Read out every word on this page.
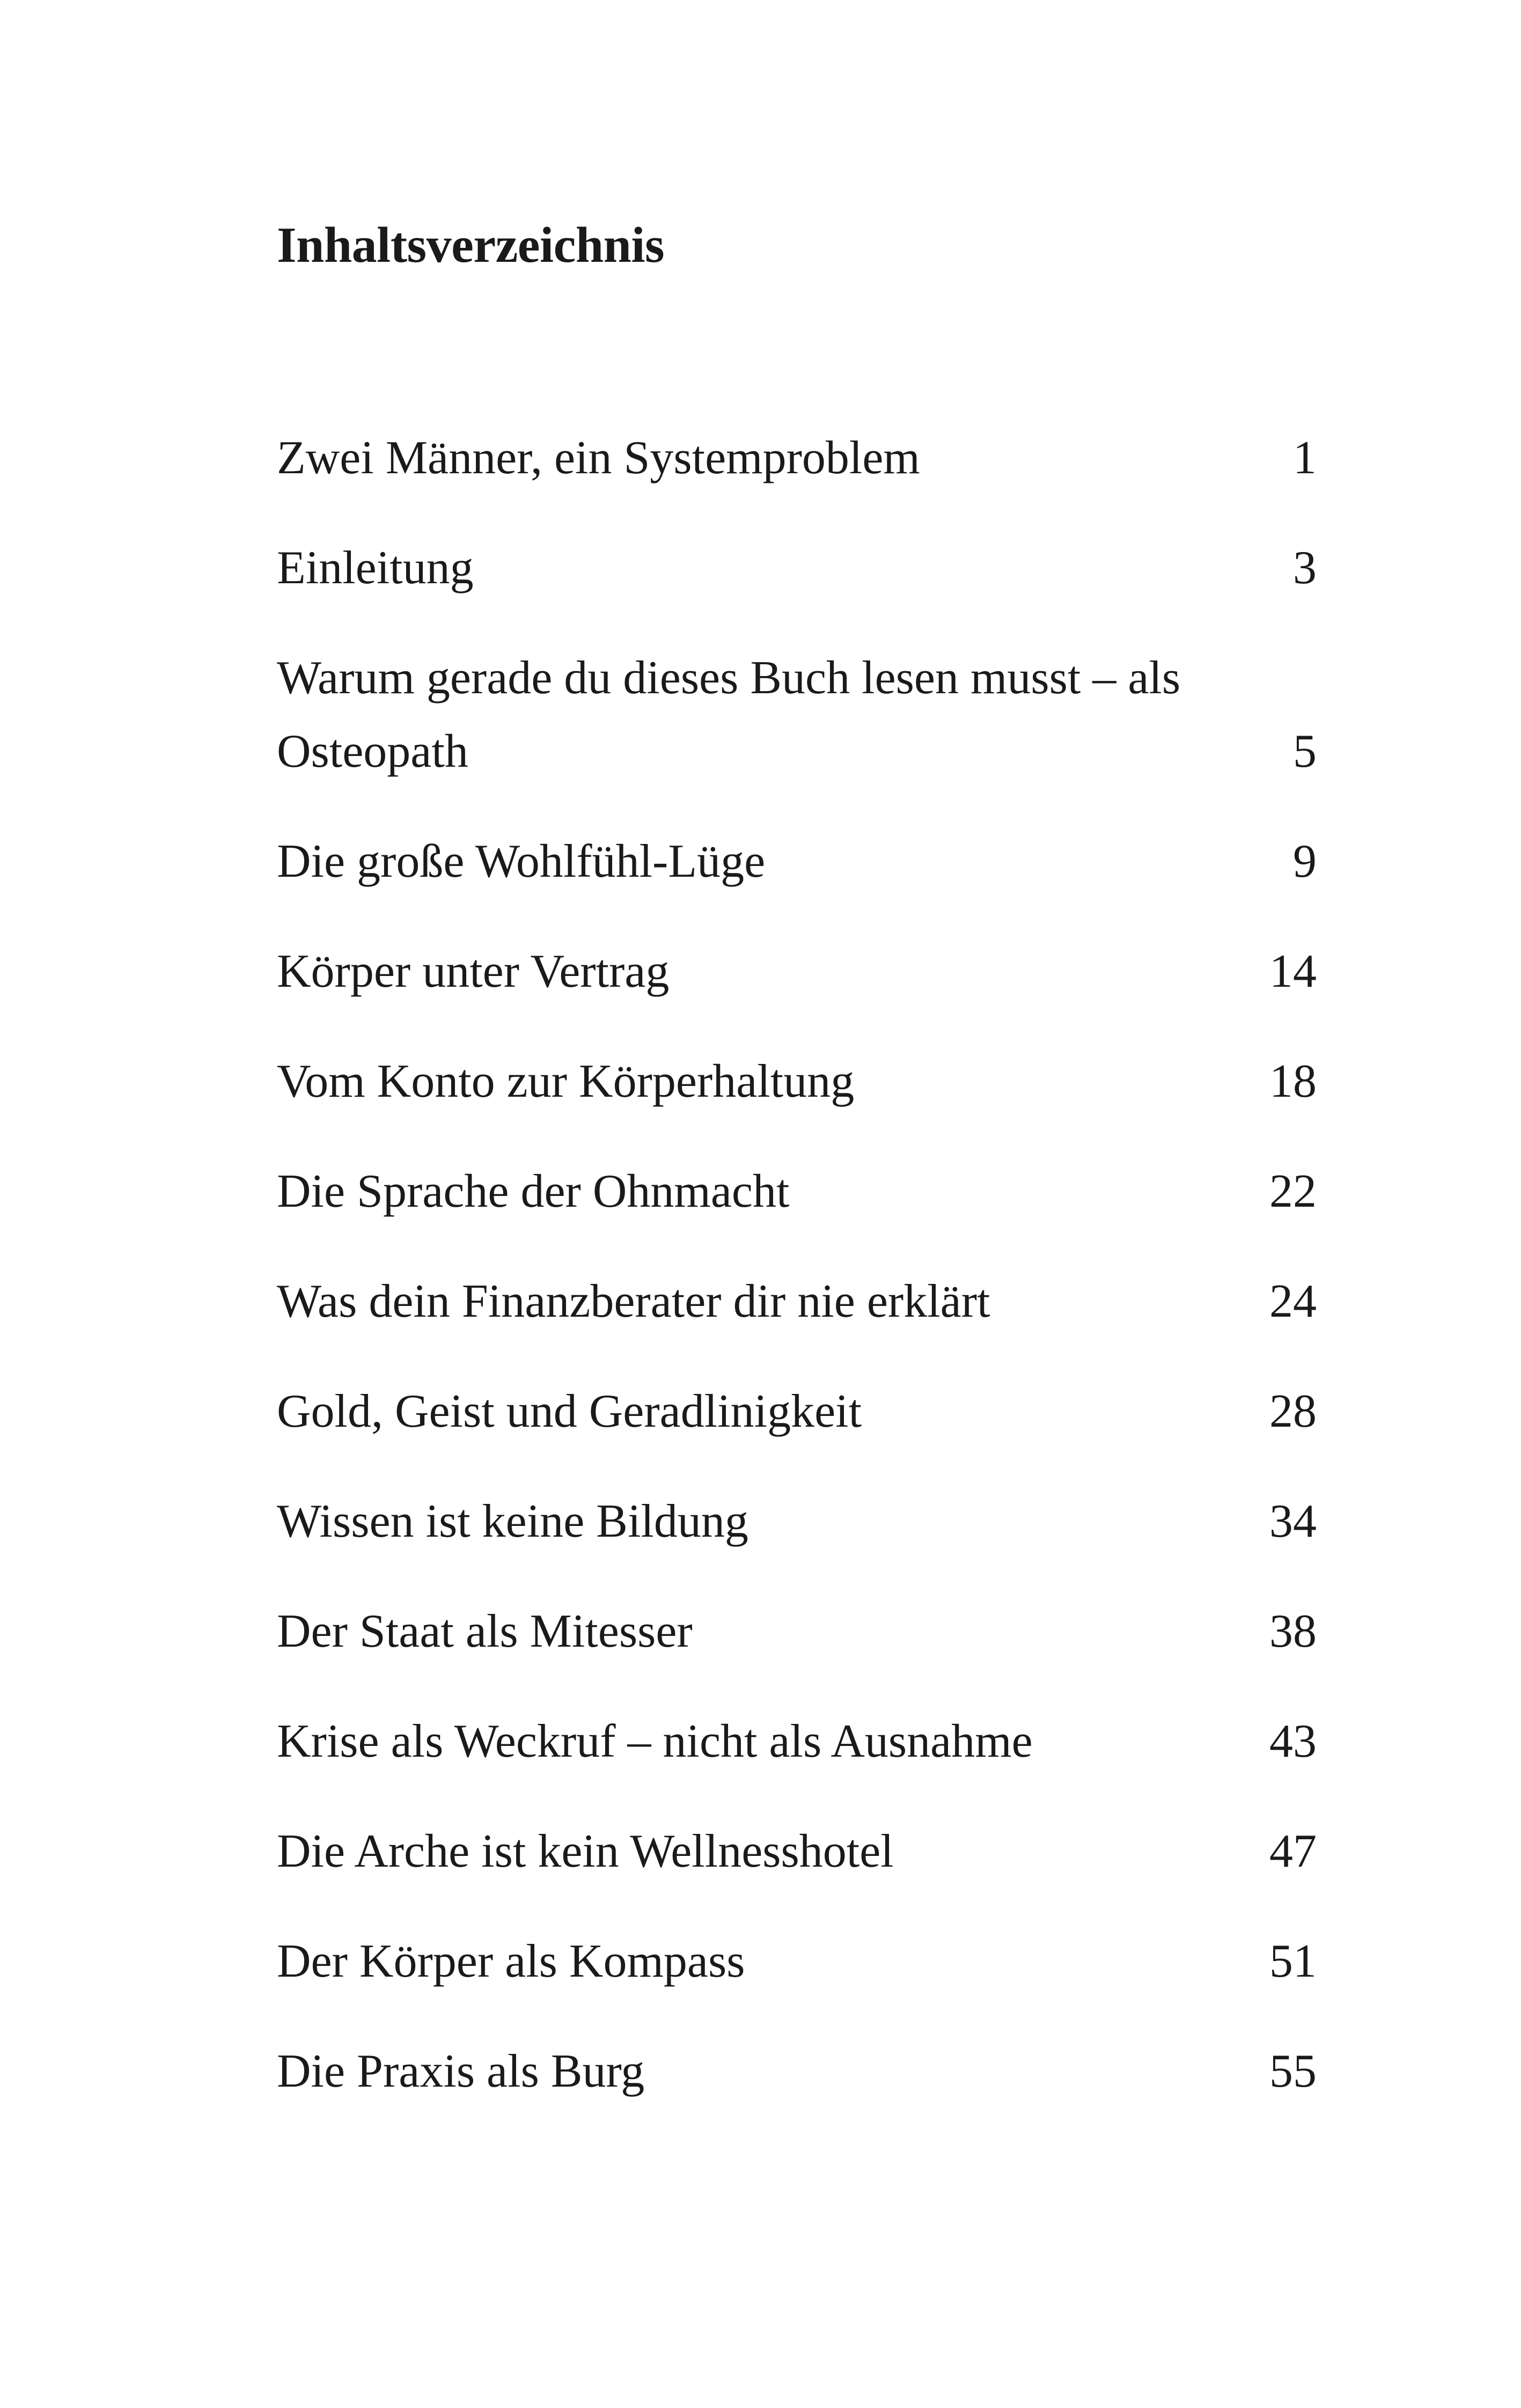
Inhaltsverzeichnis
Zwei Männer, ein Systemproblem	1
Einleitung	3
Warum gerade du dieses Buch lesen musst – als Osteopath	5
Die große Wohlfühl-Lüge	9
Körper unter Vertrag	14
Vom Konto zur Körperhaltung	18
Die Sprache der Ohnmacht	22
Was dein Finanzberater dir nie erklärt	24
Gold, Geist und Geradlinigkeit	28
Wissen ist keine Bildung	34
Der Staat als Mitesser	38
Krise als Weckruf – nicht als Ausnahme	43
Die Arche ist kein Wellnesshotel	47
Der Körper als Kompass	51
Die Praxis als Burg	55
